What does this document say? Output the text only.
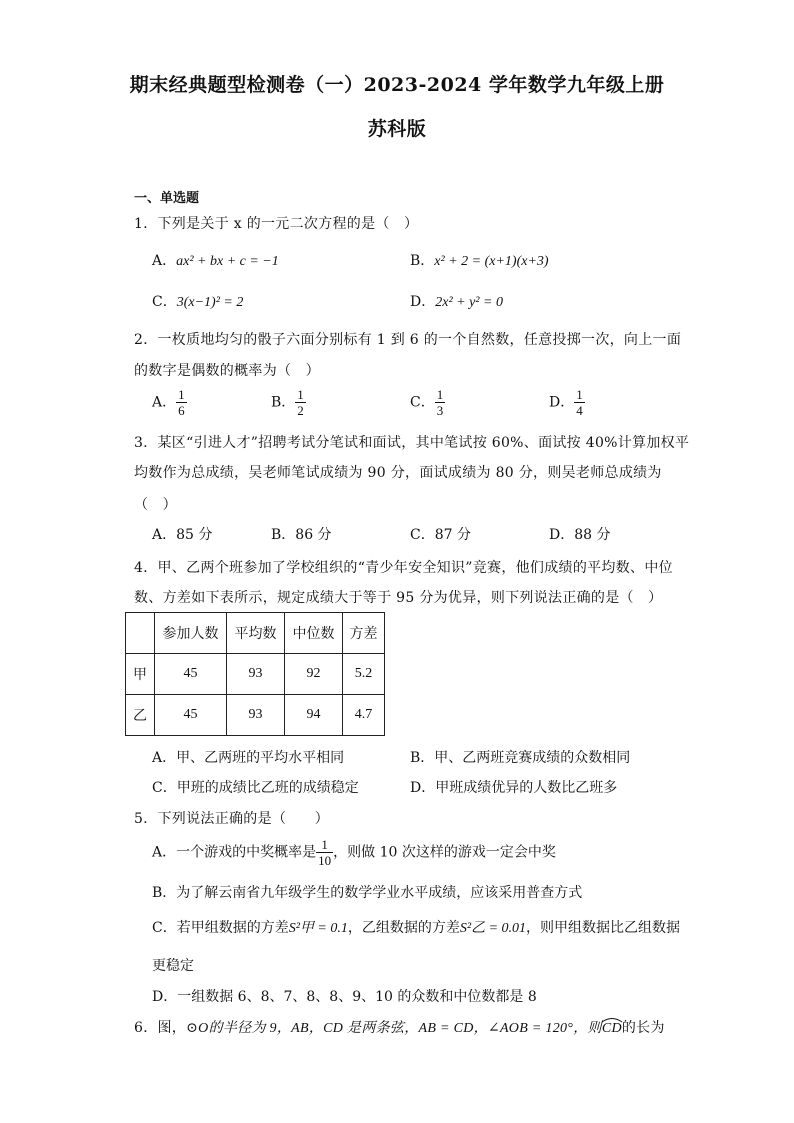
期末经典题型检测卷（一）2023-2024 学年数学九年级上册
苏科版
一、单选题
1．下列是关于 x 的一元二次方程的是（　）
A．ax² + bx + c = −1	B．x² + 2 = (x+1)(x+3)
C．3(x−1)² = 2	D．2x² + y² = 0
2．一枚质地均匀的骰子六面分别标有 1 到 6 的一个自然数，任意投掷一次，向上一面
的数字是偶数的概率为（　）
A． $\frac{1}{6}$	B． $\frac{1}{2}$	C． $\frac{1}{3}$	D． $\frac{1}{4}$
3．某区“引进人才”招聘考试分笔试和面试，其中笔试按 60%、面试按 40%计算加权平
均数作为总成绩，吴老师笔试成绩为 90 分，面试成绩为 80 分，则吴老师总成绩为
（　）
A．85 分	B．86 分	C．87 分	D．88 分
4．甲、乙两个班参加了学校组织的“青少年安全知识”竞赛，他们成绩的平均数、中位
数、方差如下表所示，规定成绩大于等于 95 分为优异，则下列说法正确的是（　）
	参加人数	平均数	中位数	方差
甲	45	93	92	5.2
乙	45	93	94	4.7
A．甲、乙两班的平均水平相同	B．甲、乙两班竞赛成绩的众数相同
C．甲班的成绩比乙班的成绩稳定	D．甲班成绩优异的人数比乙班多
5．下列说法正确的是（　　）
A．一个游戏的中奖概率是 $\frac{1}{10}$ ，则做 10 次这样的游戏一定会中奖
B．为了解云南省九年级学生的数学学业水平成绩，应该采用普查方式
C．若甲组数据的方差S²甲 = 0.1，乙组数据的方差S²乙 = 0.01，则甲组数据比乙组数据
更稳定
D．一组数据 6、8、7、8、8、9、10 的众数和中位数都是 8
6．图，⊙O的半径为 9，AB，CD 是两条弦，AB = CD，∠AOB = 120°，则
CD的长为
